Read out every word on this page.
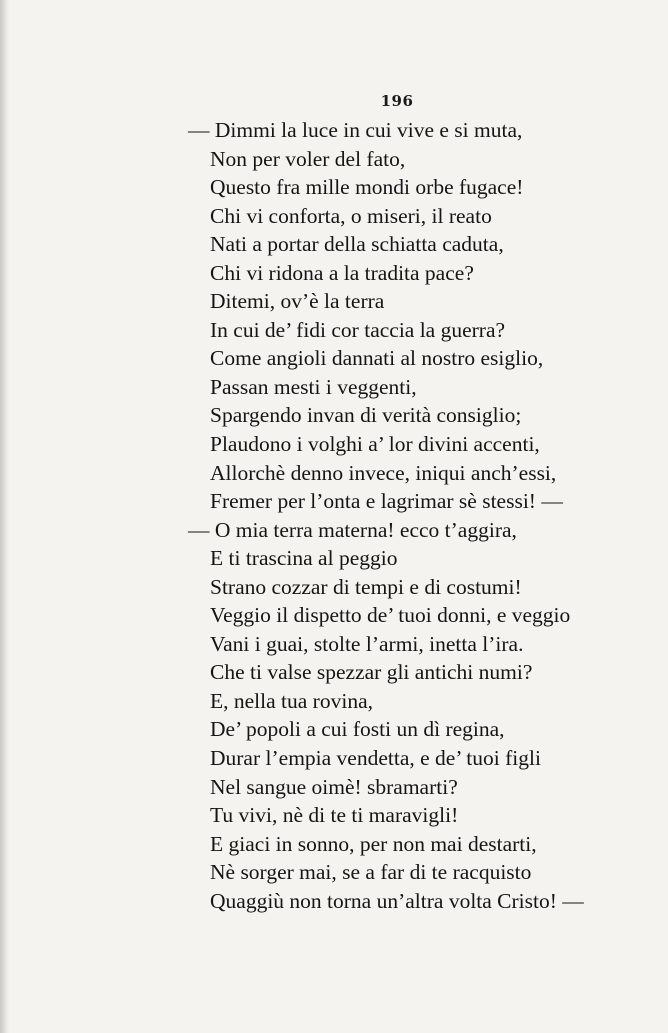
196
— Dimmi la luce in cui vive e si muta,
Non per voler del fato,
Questo fra mille mondi orbe fugace!
Chi vi conforta, o miseri, il reato
Nati a portar della schiatta caduta,
Chi vi ridona a la tradita pace?
Ditemi, ov’è la terra
In cui de’ fidi cor taccia la guerra?
Come angioli dannati al nostro esiglio,
Passan mesti i veggenti,
Spargendo invan di verità consiglio;
Plaudono i volghi a’ lor divini accenti,
Allorchè denno invece, iniqui anch’essi,
Fremer per l’onta e lagrimar sè stessi! —
— O mia terra materna! ecco t’aggira,
E ti trascina al peggio
Strano cozzar di tempi e di costumi!
Veggio il dispetto de’ tuoi donni, e veggio
Vani i guai, stolte l’armi, inetta l’ira.
Che ti valse spezzar gli antichi numi?
E, nella tua rovina,
De’ popoli a cui fosti un dì regina,
Durar l’empia vendetta, e de’ tuoi figli
Nel sangue oimè! sbramarti?
Tu vivi, nè di te ti maravigli!
E giaci in sonno, per non mai destarti,
Nè sorger mai, se a far di te racquisto
Quaggiù non torna un’altra volta Cristo! —
